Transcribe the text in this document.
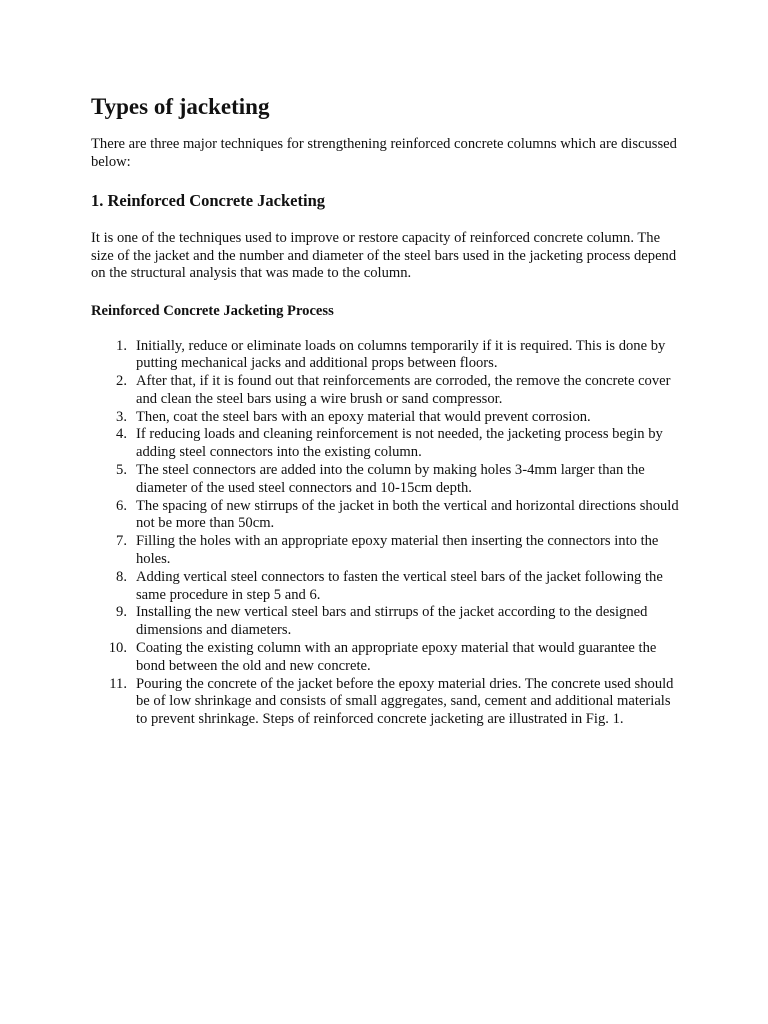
Types of jacketing

There are three major techniques for strengthening reinforced concrete columns which are discussed below:

1. Reinforced Concrete Jacketing

It is one of the techniques used to improve or restore capacity of reinforced concrete column. The size of the jacket and the number and diameter of the steel bars used in the jacketing process depend on the structural analysis that was made to the column.

Reinforced Concrete Jacketing Process
1. Initially, reduce or eliminate loads on columns temporarily if it is required. This is done by putting mechanical jacks and additional props between floors.
2. After that, if it is found out that reinforcements are corroded, the remove the concrete cover and clean the steel bars using a wire brush or sand compressor.
3. Then, coat the steel bars with an epoxy material that would prevent corrosion.
4. If reducing loads and cleaning reinforcement is not needed, the jacketing process begin by adding steel connectors into the existing column.
5. The steel connectors are added into the column by making holes 3-4mm larger than the diameter of the used steel connectors and 10-15cm depth.
6. The spacing of new stirrups of the jacket in both the vertical and horizontal directions should not be more than 50cm.
7. Filling the holes with an appropriate epoxy material then inserting the connectors into the holes.
8. Adding vertical steel connectors to fasten the vertical steel bars of the jacket following the same procedure in step 5 and 6.
9. Installing the new vertical steel bars and stirrups of the jacket according to the designed dimensions and diameters.
10. Coating the existing column with an appropriate epoxy material that would guarantee the bond between the old and new concrete.
11. Pouring the concrete of the jacket before the epoxy material dries. The concrete used should be of low shrinkage and consists of small aggregates, sand, cement and additional materials to prevent shrinkage. Steps of reinforced concrete jacketing are illustrated in Fig. 1.
